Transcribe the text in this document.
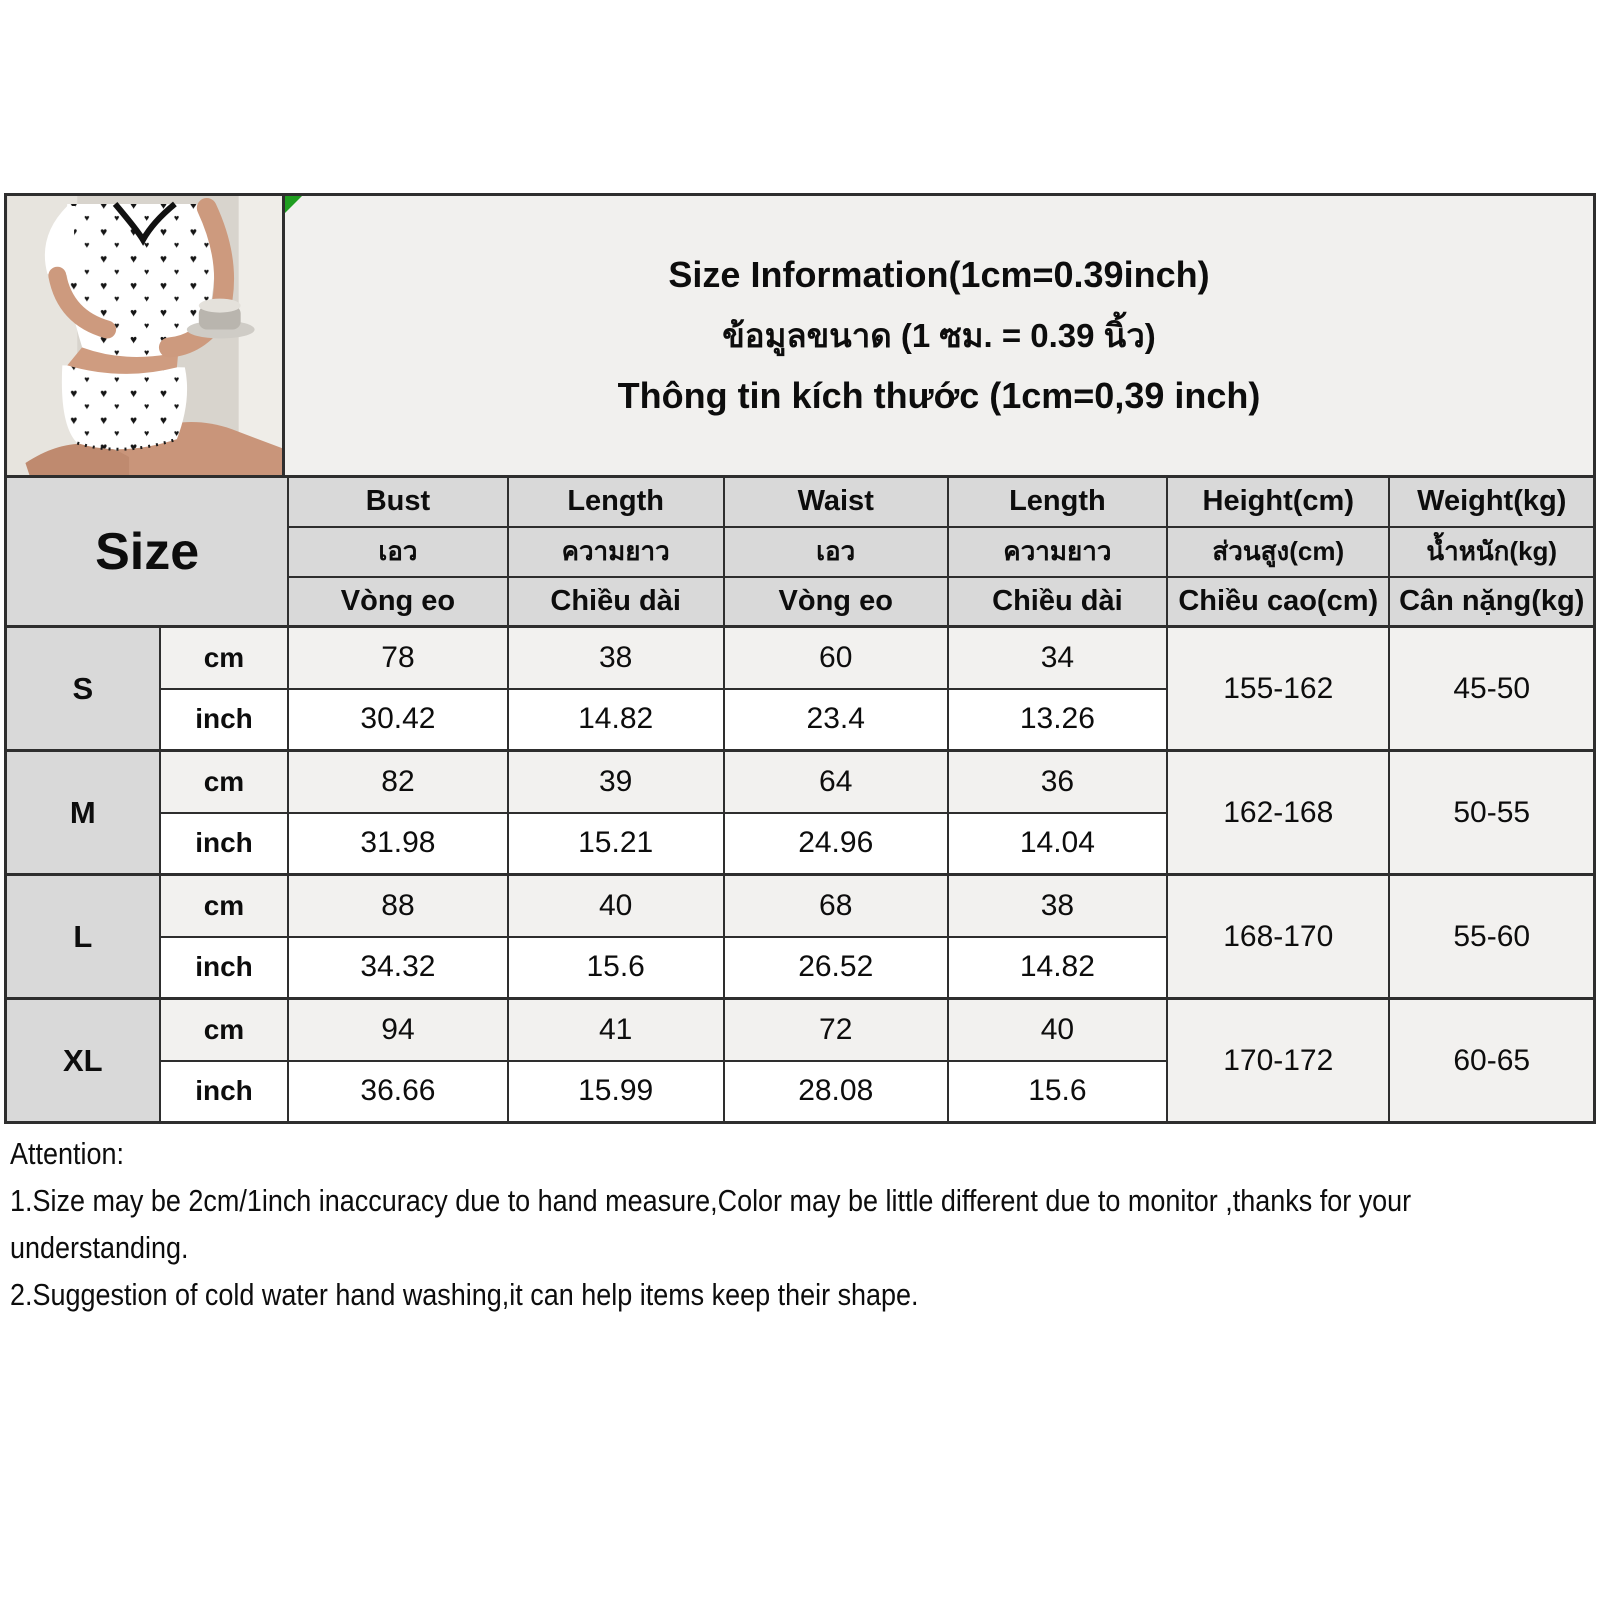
Size Information(1cm=0.39inch)
ข้อมูลขนาด (1 ซม. = 0.39 นิ้ว)
Thông tin kích thước (1cm=0,39 inch)
Size		Bust	Length	Waist	Length	Height(cm)	Weight(kg)
		เอว	ความยาว	เอว	ความยาว	ส่วนสูง(cm)	น้ำหนัก(kg)
		Vòng eo	Chiều dài	Vòng eo	Chiều dài	Chiều cao(cm)	Cân nặng(kg)
S	cm	78	38	60	34	155-162	45-50
	inch	30.42	14.82	23.4	13.26		
M	cm	82	39	64	36	162-168	50-55
	inch	31.98	15.21	24.96	14.04		
L	cm	88	40	68	38	168-170	55-60
	inch	34.32	15.6	26.52	14.82		
XL	cm	94	41	72	40	170-172	60-65
	inch	36.66	15.99	28.08	15.6		
Attention:
1.Size may be 2cm/1inch inaccuracy due to hand measure,Color may be little different due to monitor ,thanks for your
understanding.
2.Suggestion of cold water hand washing,it can help items keep their shape.
